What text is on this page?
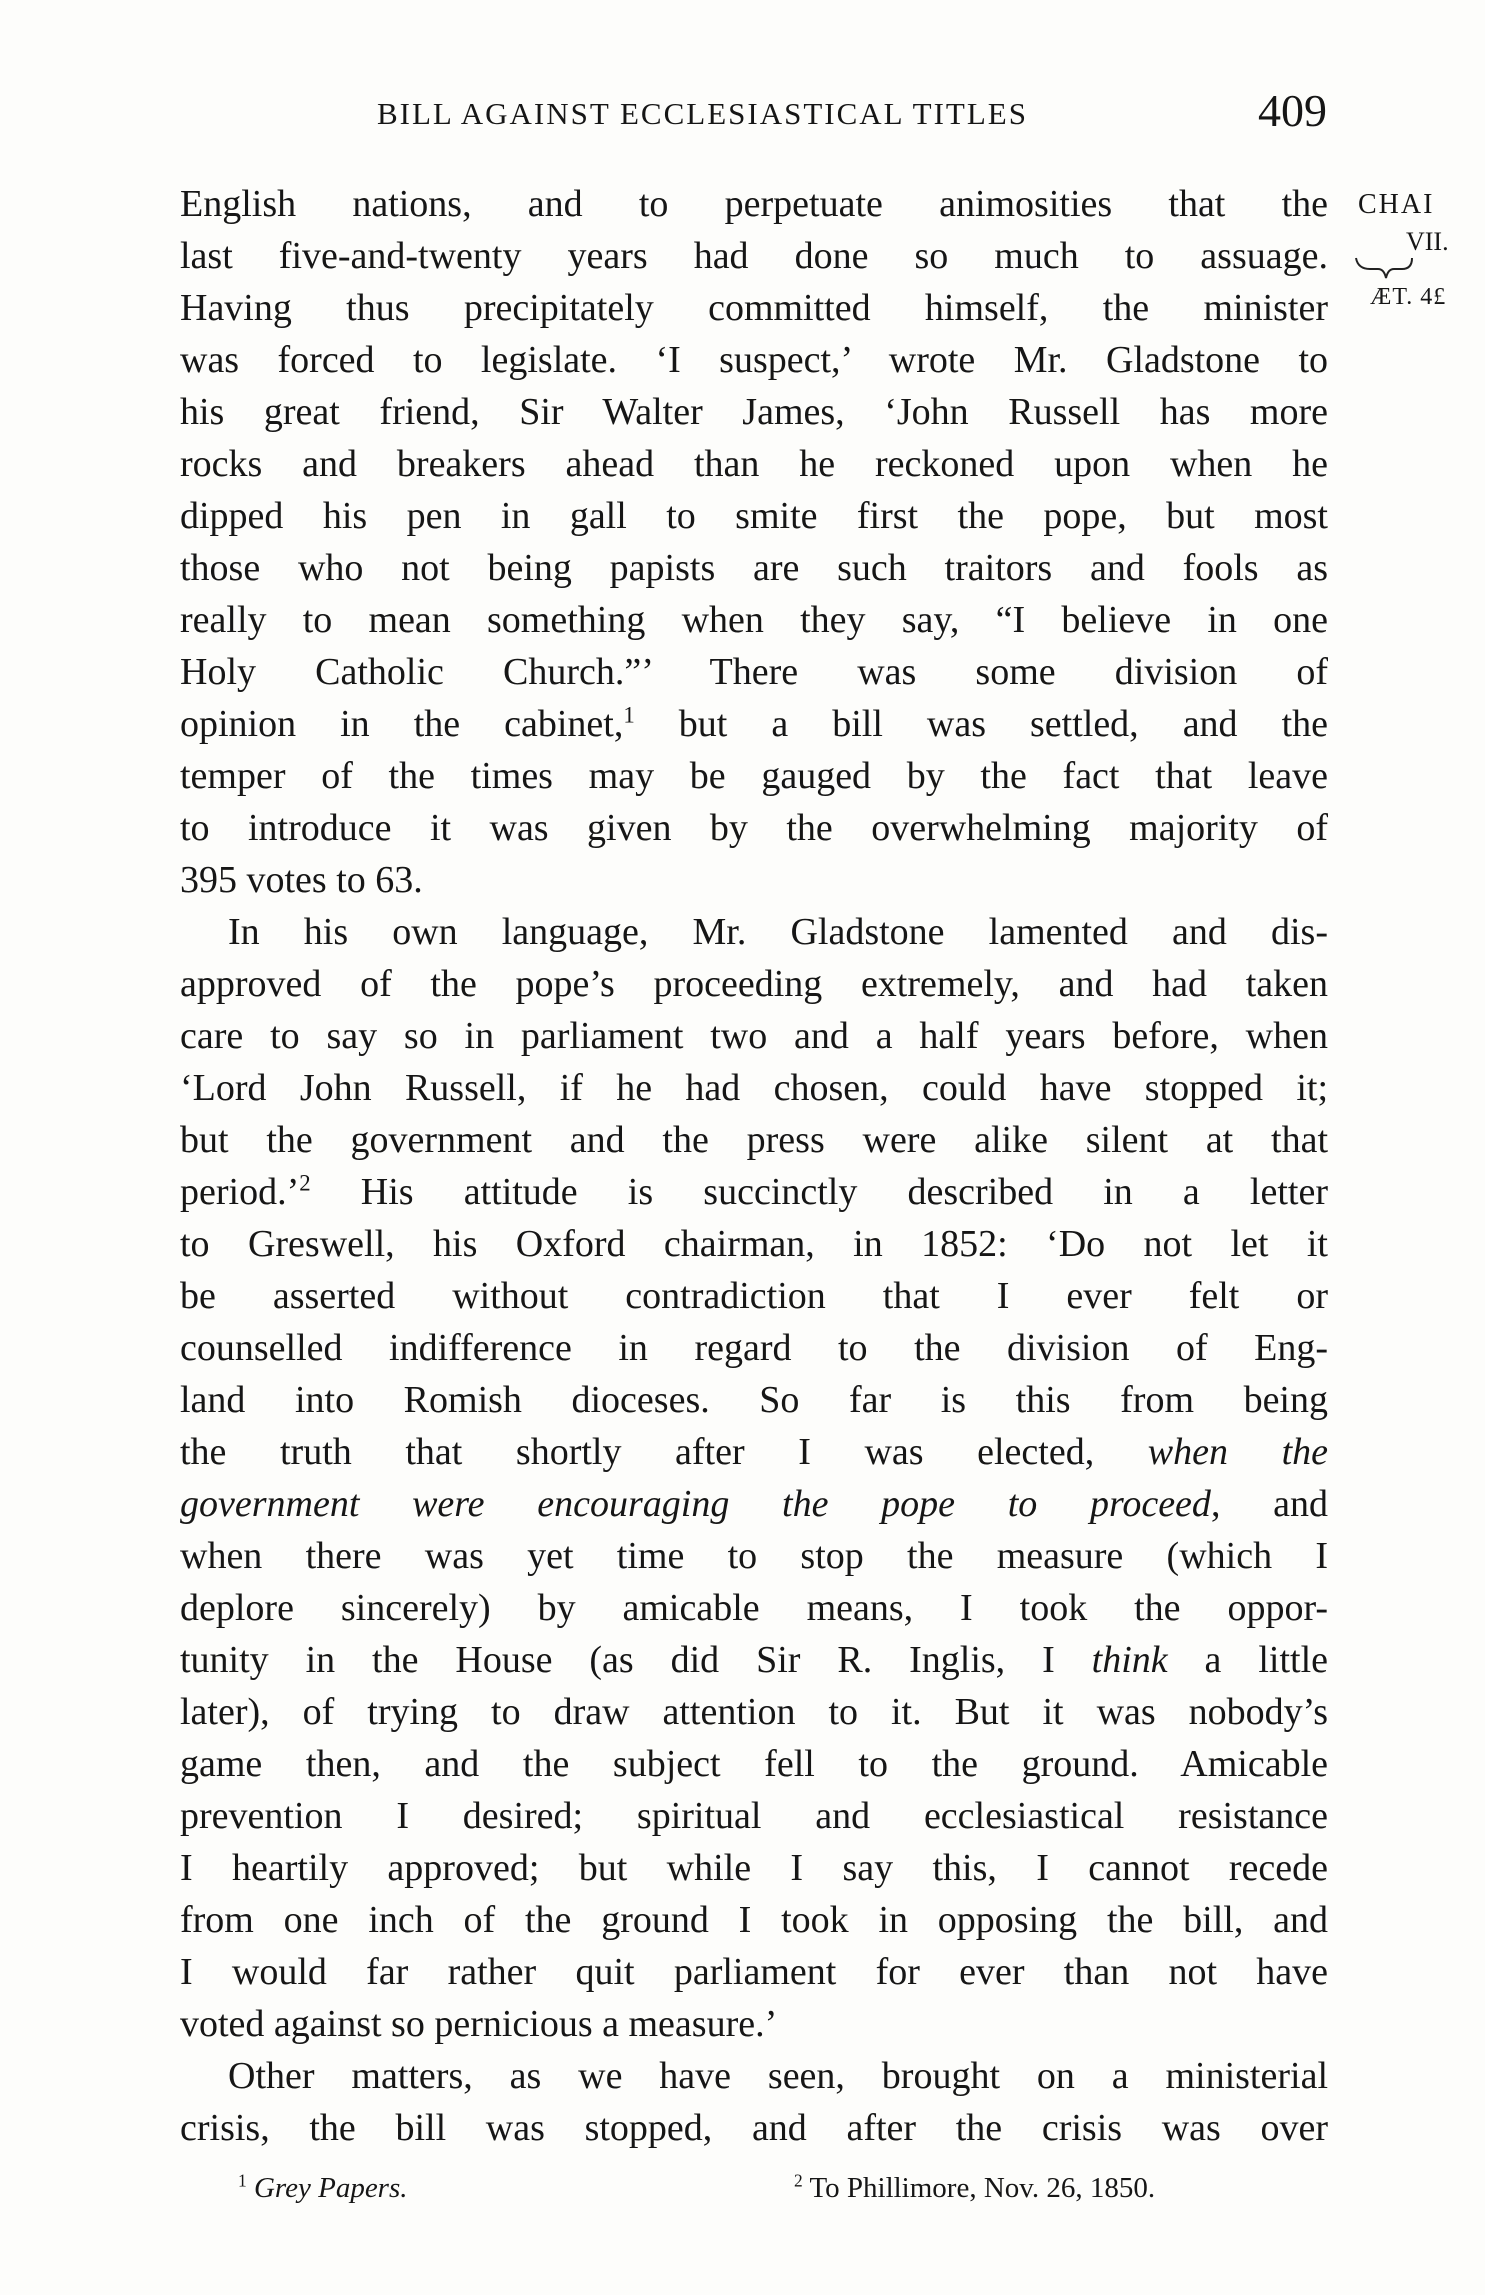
BILL AGAINST ECCLESIASTICAL TITLES	409
CHAI
VII.
ÆT. 4£
English nations, and to perpetuate animosities that the
last five-and-twenty years had done so much to assuage.
Having thus precipitately committed himself, the minister
was forced to legislate. ‘I suspect,’ wrote Mr. Gladstone to
his great friend, Sir Walter James, ‘John Russell has more
rocks and breakers ahead than he reckoned upon when he
dipped his pen in gall to smite first the pope, but most
those who not being papists are such traitors and fools as
really to mean something when they say, “I believe in one
Holy Catholic Church.”’ There was some division of
opinion in the cabinet,$^1$ but a bill was settled, and the
temper of the times may be gauged by the fact that leave
to introduce it was given by the overwhelming majority of
395 votes to 63.
In his own language, Mr. Gladstone lamented and dis-
approved of the pope’s proceeding extremely, and had taken
care to say so in parliament two and a half years before, when
‘Lord John Russell, if he had chosen, could have stopped it;
but the government and the press were alike silent at that
period.’$^2$ His attitude is succinctly described in a letter
to Greswell, his Oxford chairman, in 1852: ‘Do not let it
be asserted without contradiction that I ever felt or
counselled indifference in regard to the division of Eng-
land into Romish dioceses. So far is this from being
the truth that shortly after I was elected, when the
government were encouraging the pope to proceed, and
when there was yet time to stop the measure (which I
deplore sincerely) by amicable means, I took the oppor-
tunity in the House (as did Sir R. Inglis, I think a little
later), of trying to draw attention to it. But it was nobody’s
game then, and the subject fell to the ground. Amicable
prevention I desired; spiritual and ecclesiastical resistance
I heartily approved; but while I say this, I cannot recede
from one inch of the ground I took in opposing the bill, and
I would far rather quit parliament for ever than not have
voted against so pernicious a measure.’
Other matters, as we have seen, brought on a ministerial
crisis, the bill was stopped, and after the crisis was over
$^1$ Grey Papers.	$^2$ To Phillimore, Nov. 26, 1850.
